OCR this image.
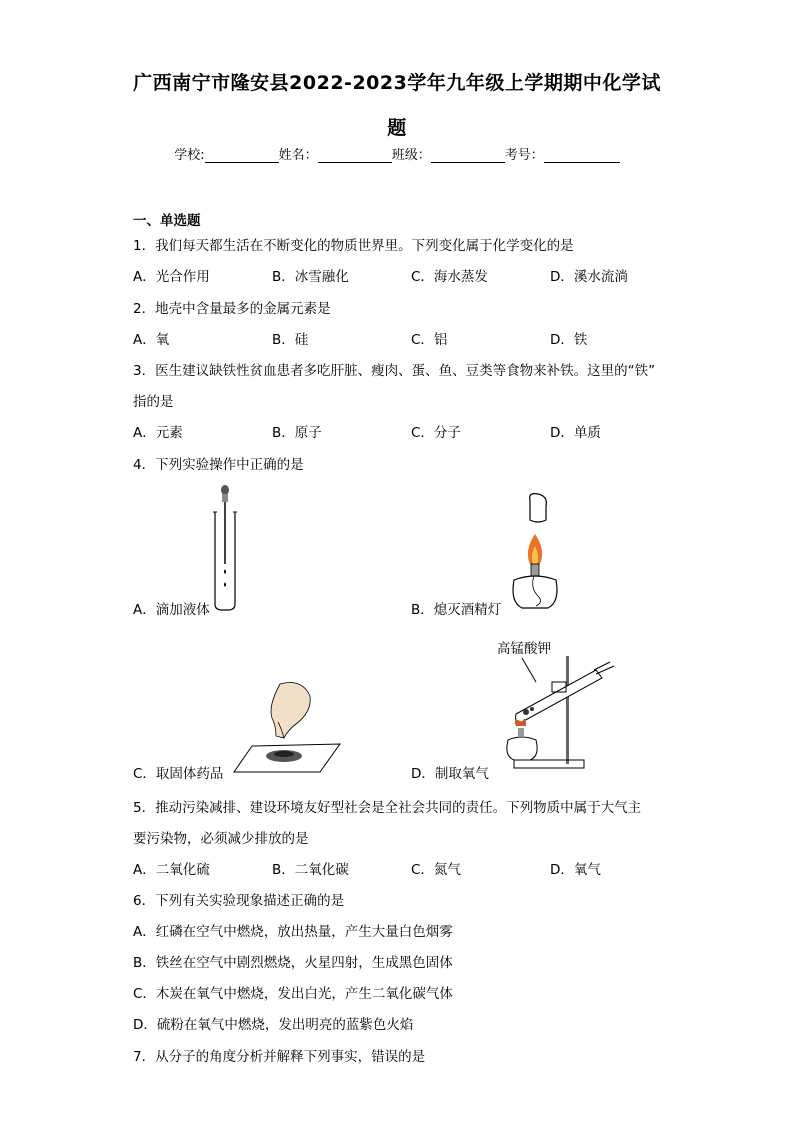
广西南宁市隆安县2022-2023学年九年级上学期期中化学试
题
学校:	姓名：	班级：	考号：
一、单选题
1．我们每天都生活在不断变化的物质世界里。下列变化属于化学变化的是
A．光合作用	B．冰雪融化	C．海水蒸发	D．溪水流淌
2．地壳中含量最多的金属元素是
A．氧	B．硅	C．铝	D．铁
3．医生建议缺铁性贫血患者多吃肝脏、瘦肉、蛋、鱼、豆类等食物来补铁。这里的“铁”
指的是
A．元素	B．原子	C．分子	D．单质
4．下列实验操作中正确的是
A．滴加液体	B．熄灭酒精灯
C．取固体药品
高锰酸钾
D．制取氧气
5．推动污染减排、建设环境友好型社会是全社会共同的责任。下列物质中属于大气主
要污染物，必须减少排放的是
A．二氧化硫	B．二氧化碳	C．氮气	D．氧气
6．下列有关实验现象描述正确的是
A．红磷在空气中燃烧，放出热量，产生大量白色烟雾
B．铁丝在空气中剧烈燃烧，火星四射，生成黑色固体
C．木炭在氧气中燃烧，发出白光，产生二氧化碳气体
D．硫粉在氧气中燃烧，发出明亮的蓝紫色火焰
7．从分子的角度分析并解释下列事实，错误的是
